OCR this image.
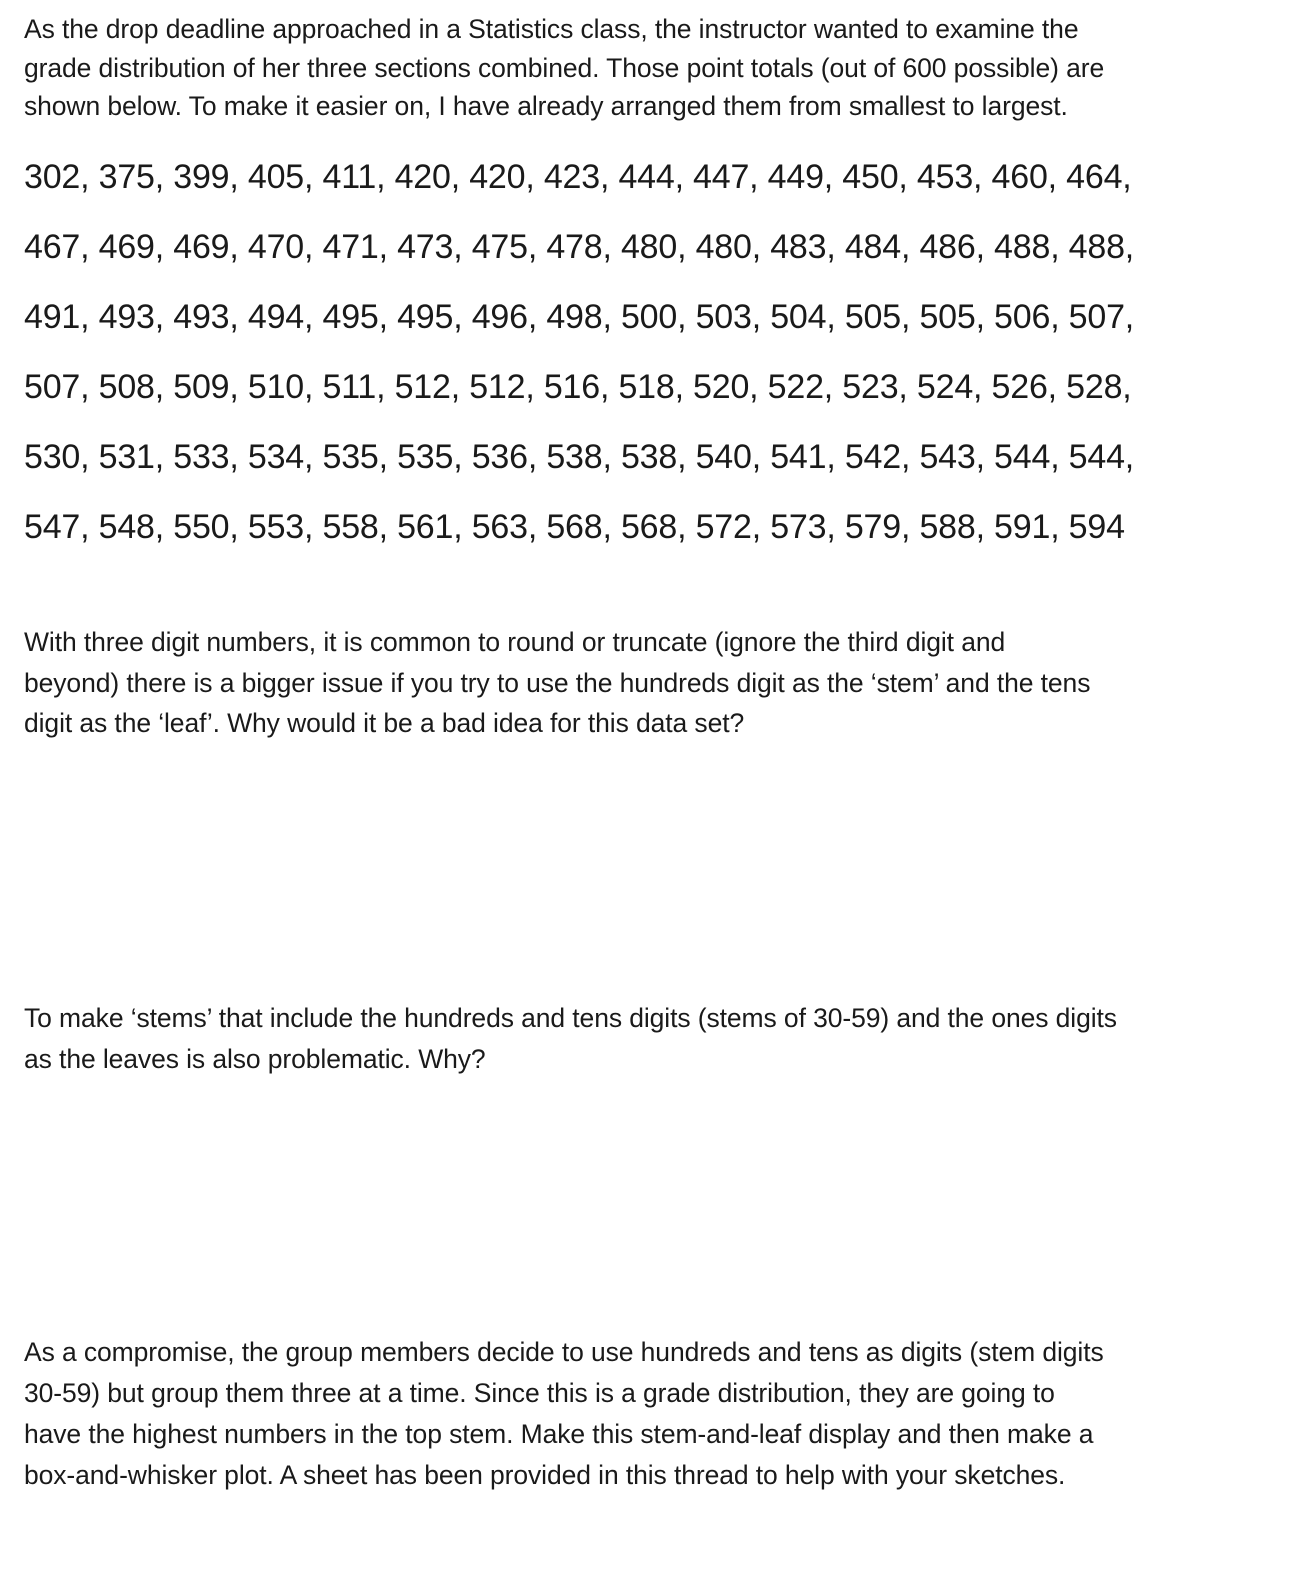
As the drop deadline approached in a Statistics class, the instructor wanted to examine the
grade distribution of her three sections combined. Those point totals (out of 600 possible) are
shown below. To make it easier on, I have already arranged them from smallest to largest.

302, 375, 399, 405, 411, 420, 420, 423, 444, 447, 449, 450, 453, 460, 464,
467, 469, 469, 470, 471, 473, 475, 478, 480, 480, 483, 484, 486, 488, 488,
491, 493, 493, 494, 495, 495, 496, 498, 500, 503, 504, 505, 505, 506, 507,
507, 508, 509, 510, 511, 512, 512, 516, 518, 520, 522, 523, 524, 526, 528,
530, 531, 533, 534, 535, 535, 536, 538, 538, 540, 541, 542, 543, 544, 544,
547, 548, 550, 553, 558, 561, 563, 568, 568, 572, 573, 579, 588, 591, 594

With three digit numbers, it is common to round or truncate (ignore the third digit and
beyond) there is a bigger issue if you try to use the hundreds digit as the ‘stem’ and the tens
digit as the ‘leaf’. Why would it be a bad idea for this data set?

To make ‘stems’ that include the hundreds and tens digits (stems of 30-59) and the ones digits
as the leaves is also problematic. Why?

As a compromise, the group members decide to use hundreds and tens as digits (stem digits
30-59) but group them three at a time. Since this is a grade distribution, they are going to
have the highest numbers in the top stem. Make this stem-and-leaf display and then make a
box-and-whisker plot. A sheet has been provided in this thread to help with your sketches.
